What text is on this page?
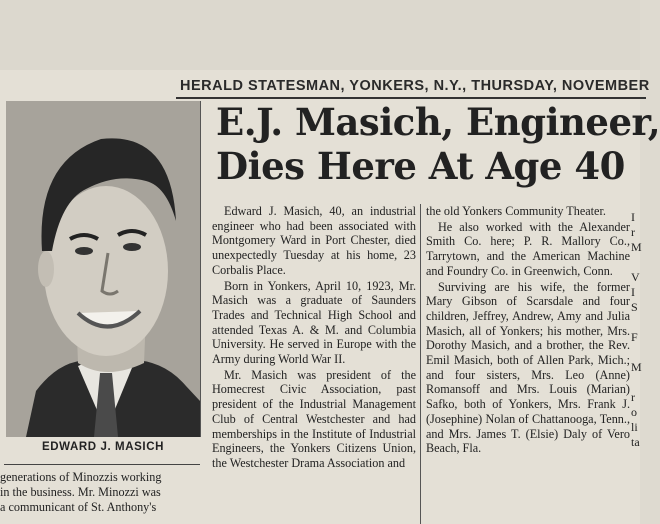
HERALD STATESMAN, YONKERS, N.Y., THURSDAY, NOVEMBER
EDWARD J. MASICH
E.J. Masich, Engineer,
Dies Here At Age 40

Edward J. Masich, 40, an industrial engineer who had been associated with Montgomery Ward in Port Chester, died unexpectedly Tuesday at his home, 23 Corbalis Place.

Born in Yonkers, April 10, 1923, Mr. Masich was a graduate of Saunders Trades and Technical High School and attended Texas A. & M. and Columbia University. He served in Europe with the Army during World War II.

Mr. Masich was president of the Homecrest Civic Association, past president of the Industrial Management Club of Central Westchester and had memberships in the Institute of Industrial Engineers, the Yonkers Citizens Union, the Westchester Drama Association and

the old Yonkers Community Theater.

He also worked with the Alexander Smith Co. here; P. R. Mallory Co., Tarrytown, and the American Machine and Foundry Co. in Greenwich, Conn.

Surviving are his wife, the former Mary Gibson of Scarsdale and four children, Jeffrey, Andrew, Amy and Julia Masich, all of Yonkers; his mother, Mrs. Dorothy Masich, and a brother, the Rev. Emil Masich, both of Allen Park, Mich.; and four sisters, Mrs. Leo (Anne) Romansoff and Mrs. Louis (Marian) Safko, both of Yonkers, Mrs. Frank J. (Josephine) Nolan of Chattanooga, Tenn., and Mrs. James T. (Elsie) Daly of Vero Beach, Fla.

generations of Minozzis working

in the business. Mr. Minozzi was

a communicant of St. Anthony's

I
r
M

V
I
S

F

M

r
o
li
ta
